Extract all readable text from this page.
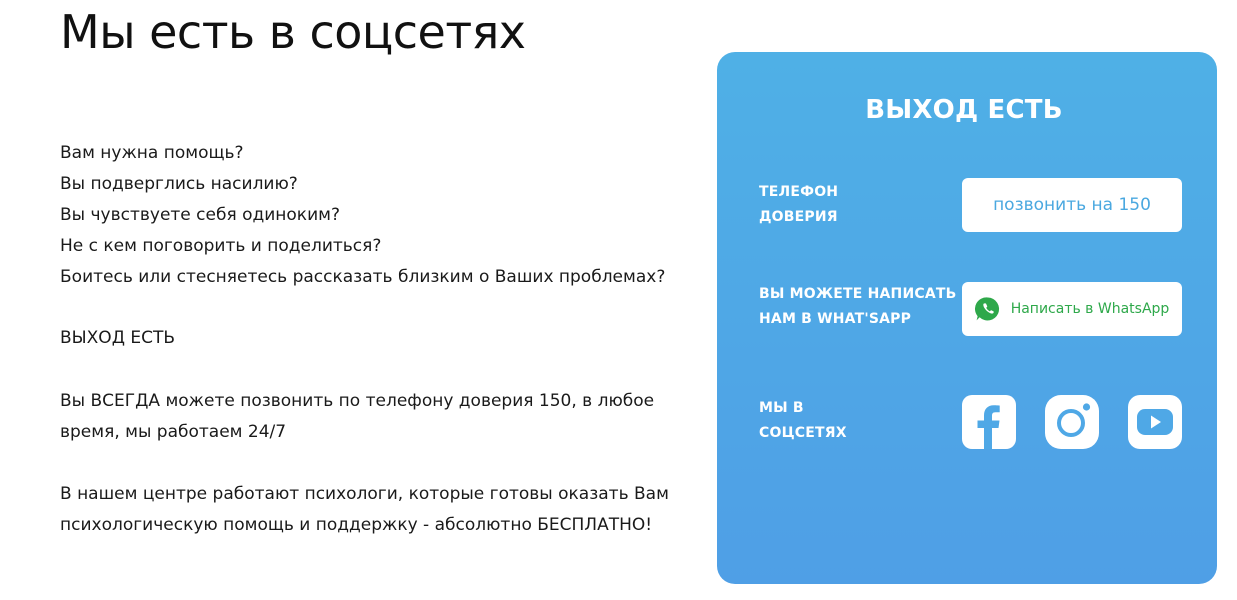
Мы есть в соцсетях
Вам нужна помощь?
Вы подверглись насилию?
Вы чувствуете себя одиноким?
Не с кем поговорить и поделиться?
Боитесь или стесняетесь рассказать близким о Ваших проблемах?
ВЫХОД ЕСТЬ
Вы ВСЕГДА можете позвонить по телефону доверия 150, в любое
время, мы работаем 24/7
В нашем центре работают психологи, которые готовы оказать Вам
психологическую помощь и поддержку - абсолютно БЕСПЛАТНО!
ВЫХОД ЕСТЬ
ТЕЛЕФОН
ДОВЕРИЯ
позвонить на 150
ВЫ МОЖЕТЕ НАПИСАТЬ
НАМ В WHAT'SAPP
Написать в WhatsApp
МЫ В
СОЦСЕТЯХ
